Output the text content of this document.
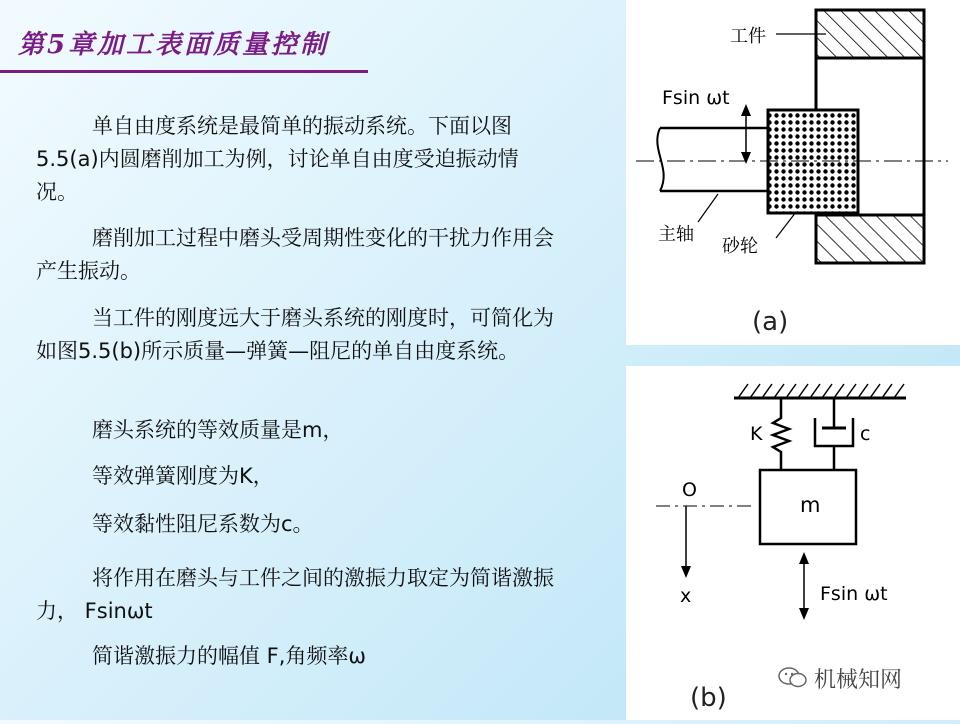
第5章加工表面质量控制

单自由度系统是最简单的振动系统。下面以图5.5(a)内圆磨削加工为例，讨论单自由度受迫振动情况。

磨削加工过程中磨头受周期性变化的干扰力作用会产生振动。

当工件的刚度远大于磨头系统的刚度时，可简化为如图5.5(b)所示质量—弹簧—阻尼的单自由度系统。

磨头系统的等效质量是m，

等效弹簧刚度为K，

等效黏性阻尼系数为c。

将作用在磨头与工件之间的激振力取定为简谐激振力， Fsinωt

简谐激振力的幅值 F,角频率ω

工件
Fsin ωt
主轴
砂轮
(a)
K	c
m
O
x	Fsin ωt
(b)
机械知网
